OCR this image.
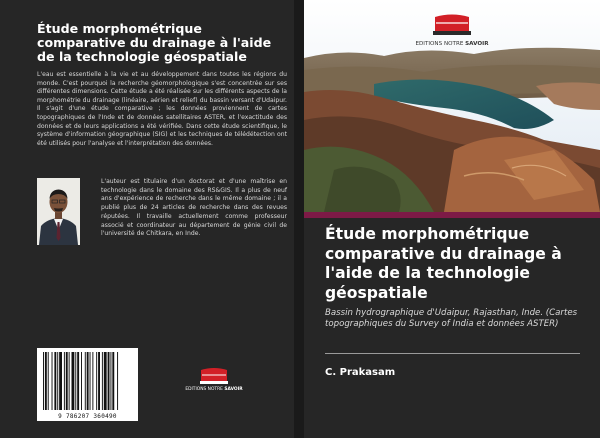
Étude morphométrique comparative du drainage à l'aide de la technologie géospatiale

L'eau est essentielle à la vie et au développement dans toutes les régions du monde. C'est pourquoi la recherche géomorphologique s'est concentrée sur ses différentes dimensions. Cette étude a été réalisée sur les différents aspects de la morphométrie du drainage (linéaire, aérien et relief) du bassin versant d'Udaipur. Il s'agit d'une étude comparative ; les données proviennent de cartes topographiques de l'Inde et de données satellitaires ASTER, et l'exactitude des données et de leurs applications a été vérifiée. Dans cette étude scientifique, le système d'information géographique (SIG) et les techniques de télédétection ont été utilisés pour l'analyse et l'interprétation des données.

L'auteur est titulaire d'un doctorat et d'une maîtrise en technologie dans le domaine des RS&GIS. Il a plus de neuf ans d'expérience de recherche dans le même domaine ; il a publié plus de 24 articles de recherche dans des revues réputées. Il travaille actuellement comme professeur associé et coordinateur au département de génie civil de l'université de Chitkara, en Inde.

9 786207 360490
EDITIONS NOTRE SAVOIR
EDITIONS NOTRE SAVOIR
Étude morphométrique comparative du drainage à l'aide de la technologie géospatiale

Bassin hydrographique d'Udaipur, Rajasthan, Inde. (Cartes topographiques du Survey of India et données ASTER)

C. Prakasam
